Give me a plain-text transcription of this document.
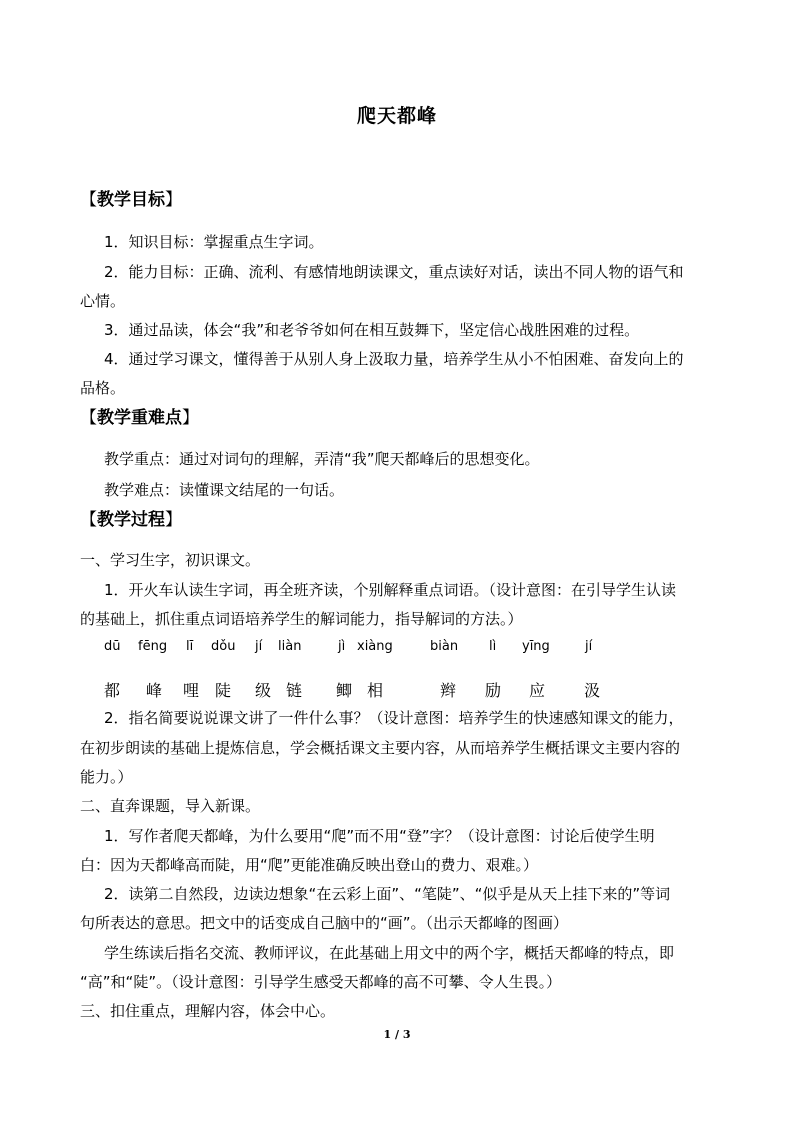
爬天都峰
【教学目标】
1．知识目标：掌握重点生字词。
2．能力目标：正确、流利、有感情地朗读课文，重点读好对话，读出不同人物的语气和
心情。
3．通过品读，体会“我”和老爷爷如何在相互鼓舞下，坚定信心战胜困难的过程。
4．通过学习课文，懂得善于从别人身上汲取力量，培养学生从小不怕困难、奋发向上的
品格。
【教学重难点】
教学重点：通过对词句的理解，弄清“我”爬天都峰后的思想变化。
教学难点：读懂课文结尾的一句话。
【教学过程】
一、学习生字，初识课文。
1．开火车认读生字词，再全班齐读，个别解释重点词语。（设计意图：在引导学生认读
的基础上，抓住重点词语培养学生的解词能力，指导解词的方法。）
dū fēng lī dǒu jí liàn	jì xiàng	biàn lì yīng	jí
都 峰 哩 陡 级 链 鲫 相	辫 励 应 汲
2．指名简要说说课文讲了一件什么事？（设计意图：培养学生的快速感知课文的能力，
在初步朗读的基础上提炼信息，学会概括课文主要内容，从而培养学生概括课文主要内容的
能力。）
二、直奔课题，导入新课。
1．写作者爬天都峰，为什么要用“爬”而不用“登”字？（设计意图：讨论后使学生明
白：因为天都峰高而陡，用“爬”更能准确反映出登山的费力、艰难。）
2．读第二自然段，边读边想象“在云彩上面”、“笔陡”、“似乎是从天上挂下来的”等词
句所表达的意思。把文中的话变成自己脑中的“画”。（出示天都峰的图画）
学生练读后指名交流、教师评议，在此基础上用文中的两个字，概括天都峰的特点，即
“高”和“陡”。（设计意图：引导学生感受天都峰的高不可攀、令人生畏。）
三、扣住重点，理解内容，体会中心。
1 / 3
